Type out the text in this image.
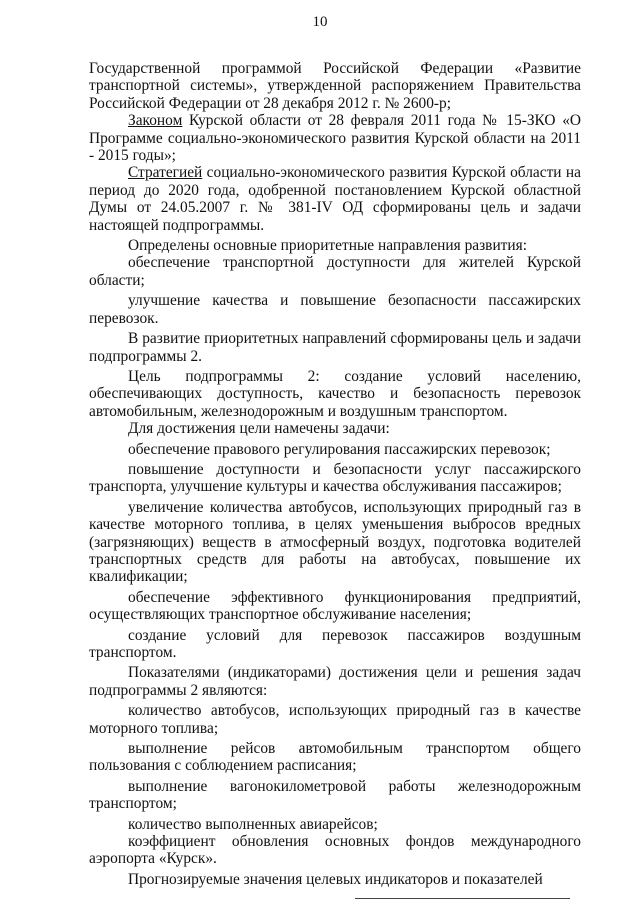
10

Государственной программой Российской Федерации «Развитие транспортной системы», утвержденной распоряжением Правительства Российской Федерации от 28 декабря 2012 г. № 2600-р;

Законом Курской области от 28 февраля 2011 года № 15-ЗКО «О Программе социально-экономического развития Курской области на 2011 - 2015 годы»;

Стратегией социально-экономического развития Курской области на период до 2020 года, одобренной постановлением Курской областной Думы от 24.05.2007 г. № 381-IV ОД сформированы цель и задачи настоящей подпрограммы.

Определены основные приоритетные направления развития:

обеспечение транспортной доступности для жителей Курской области;

улучшение качества и повышение безопасности пассажирских перевозок.

В развитие приоритетных направлений сформированы цель и задачи подпрограммы 2.

Цель подпрограммы 2: создание условий населению, обеспечивающих доступность, качество и безопасность перевозок автомобильным, железнодорожным и воздушным транспортом.

Для достижения цели намечены задачи:

обеспечение правового регулирования пассажирских перевозок;

повышение доступности и безопасности услуг пассажирского транспорта, улучшение культуры и качества обслуживания пассажиров;

увеличение количества автобусов, использующих природный газ в качестве моторного топлива, в целях уменьшения выбросов вредных (загрязняющих) веществ в атмосферный воздух, подготовка водителей транспортных средств для работы на автобусах, повышение их квалификации;

обеспечение эффективного функционирования предприятий, осуществляющих транспортное обслуживание населения;

создание условий для перевозок пассажиров воздушным транспортом.

Показателями (индикаторами) достижения цели и решения задач подпрограммы 2 являются:

количество автобусов, использующих природный газ в качестве моторного топлива;

выполнение рейсов автомобильным транспортом общего пользования с соблюдением расписания;

выполнение вагонокилометровой работы железнодорожным транспортом;

количество выполненных авиарейсов;

коэффициент обновления основных фондов международного аэропорта «Курск».

Прогнозируемые значения целевых индикаторов и показателей
